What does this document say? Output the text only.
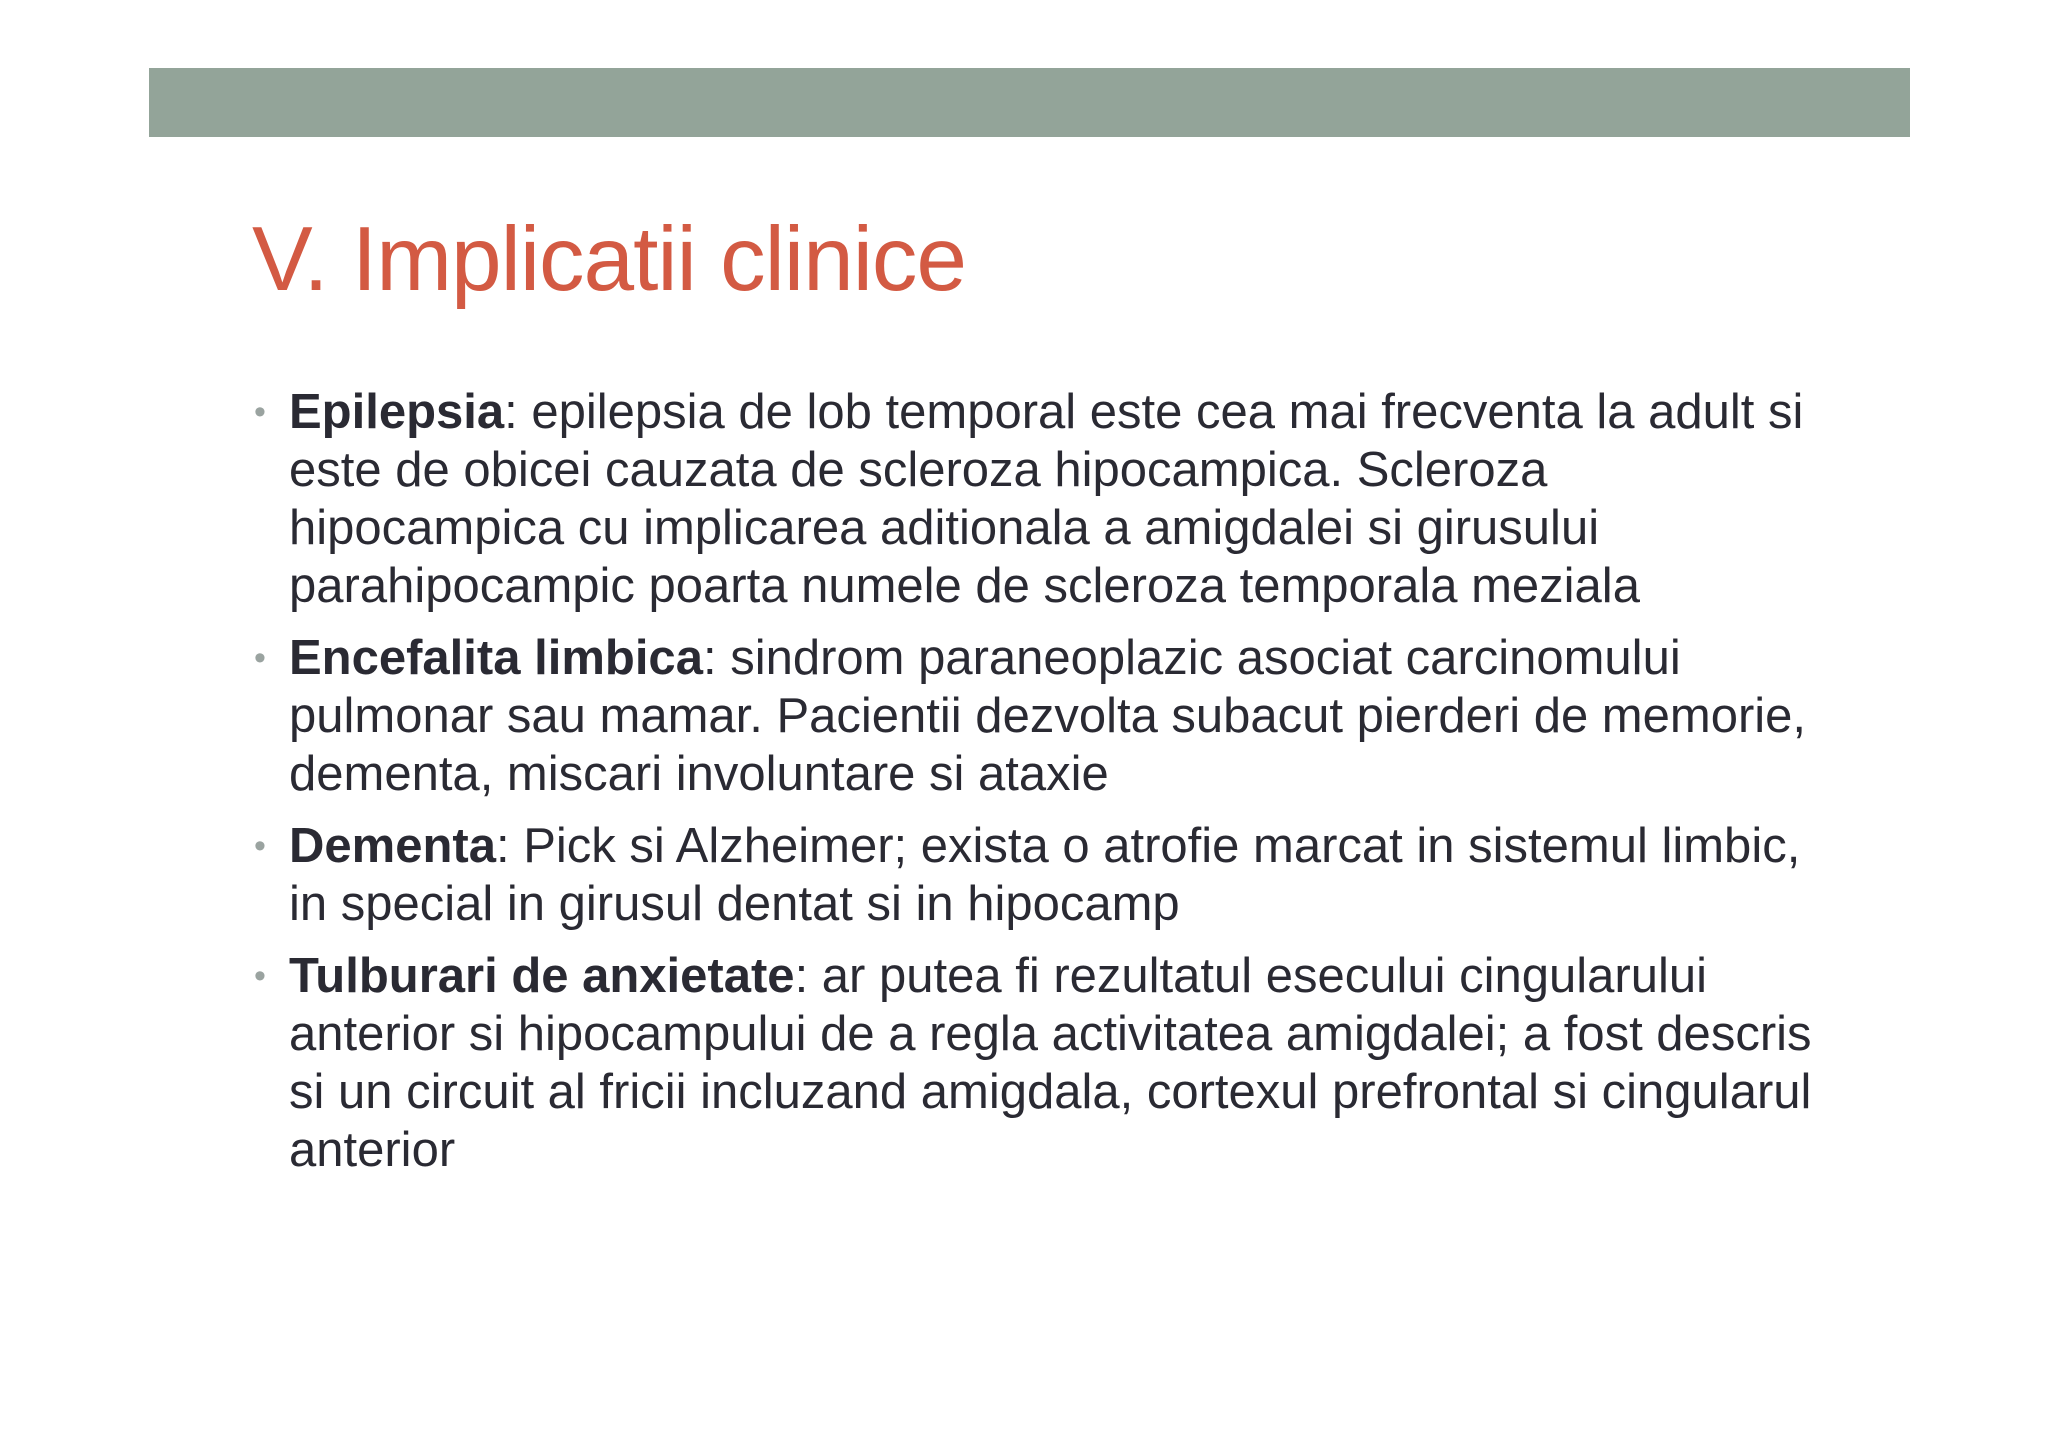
V. Implicatii clinice
• Epilepsia: epilepsia de lob temporal este cea mai frecventa la adult si este de obicei cauzata de scleroza hipocampica. Scleroza hipocampica cu implicarea aditionala a amigdalei si girusului parahipocampic poarta numele de scleroza temporala meziala
• Encefalita limbica: sindrom paraneoplazic asociat carcinomului pulmonar sau mamar. Pacientii dezvolta subacut pierderi de memorie, dementa, miscari involuntare si ataxie
• Dementa: Pick si Alzheimer; exista o atrofie marcat in sistemul limbic, in special in girusul dentat si in hipocamp
• Tulburari de anxietate: ar putea fi rezultatul esecului cingularului anterior si hipocampului de a regla activitatea amigdalei; a fost descris si un circuit al fricii incluzand amigdala, cortexul prefrontal si cingularul anterior
